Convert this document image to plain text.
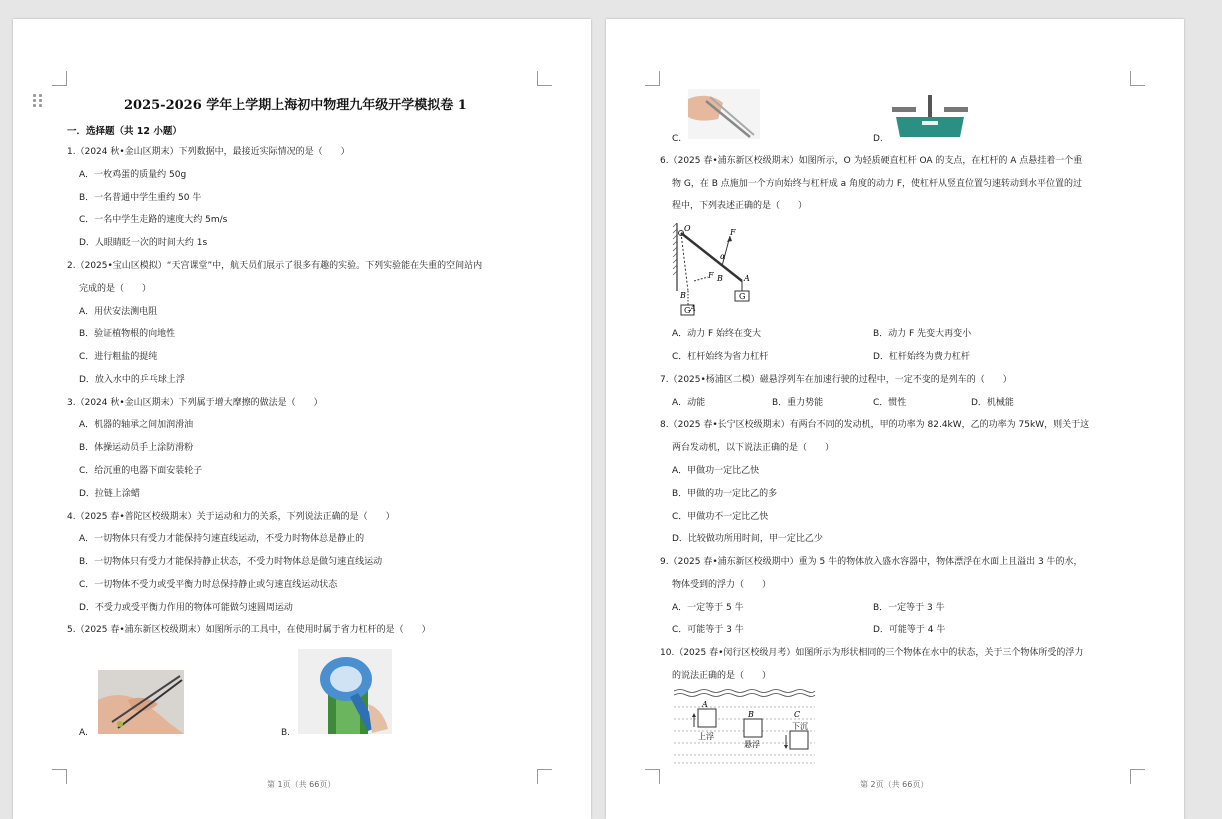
2025-2026 学年上学期上海初中物理九年级开学模拟卷 1
一．选择题（共 12 小题）
1.（2024 秋•金山区期末）下列数据中，最接近实际情况的是（　　）
A．一枚鸡蛋的质量约 50g
B．一名普通中学生重约 50 牛
C．一名中学生走路的速度大约 5m/s
D．人眼睛眨一次的时间大约 1s
2.（2025•宝山区模拟）“天宫课堂”中，航天员们展示了很多有趣的实验。下列实验能在失重的空间站内
完成的是（　　）
A．用伏安法测电阻
B．验证植物根的向地性
C．进行粗盐的提纯
D．放入水中的乒乓球上浮
3.（2024 秋•金山区期末）下列属于增大摩擦的做法是（　　）
A．机器的轴承之间加润滑油
B．体操运动员手上涂防滑粉
C．给沉重的电器下面安装轮子
D．拉链上涂蜡
4.（2025 春•普陀区校级期末）关于运动和力的关系，下列说法正确的是（　　）
A．一切物体只有受力才能保持匀速直线运动，不受力时物体总是静止的
B．一切物体只有受力才能保持静止状态，不受力时物体总是做匀速直线运动
C．一切物体不受力或受平衡力时总保持静止或匀速直线运动状态
D．不受力或受平衡力作用的物体可能做匀速圆周运动
5.（2025 春•浦东新区校级期末）如图所示的工具中，在使用时属于省力杠杆的是（　　）
A.	B.
第 1页（共 66页）
C.	D.
6.（2025 春•浦东新区校级期末）如图所示，O 为轻质硬直杠杆 OA 的支点，在杠杆的 A 点悬挂着一个重
物 G，在 B 点施加一个方向始终与杠杆成 a 角度的动力 F，使杠杆从竖直位置匀速转动到水平位置的过
程中，下列表述正确的是（　　）
O	F
α
F B	A
G
B
A
G
A．动力 F 始终在变大	B．动力 F 先变大再变小
C．杠杆始终为省力杠杆	D．杠杆始终为费力杠杆
7.（2025•杨浦区二模）磁悬浮列车在加速行驶的过程中，一定不变的是列车的（　　）
A．动能	B．重力势能	C．惯性	D．机械能
8.（2025 春•长宁区校级期末）有两台不同的发动机，甲的功率为 82.4kW，乙的功率为 75kW，则关于这
两台发动机，以下说法正确的是（　　）
A．甲做功一定比乙快
B．甲做的功一定比乙的多
C．甲做功不一定比乙快
D．比较做功所用时间，甲一定比乙少
9.（2025 春•浦东新区校级期中）重为 5 牛的物体放入盛水容器中，物体漂浮在水面上且溢出 3 牛的水，
物体受到的浮力（　　）
A．一定等于 5 牛	B．一定等于 3 牛
C．可能等于 3 牛	D．可能等于 4 牛
10.（2025 春•闵行区校级月考）如图所示为形状相同的三个物体在水中的状态，关于三个物体所受的浮力
的说法正确的是（　　）
A
B	C
下沉
上浮
悬浮
第 2页（共 66页）
